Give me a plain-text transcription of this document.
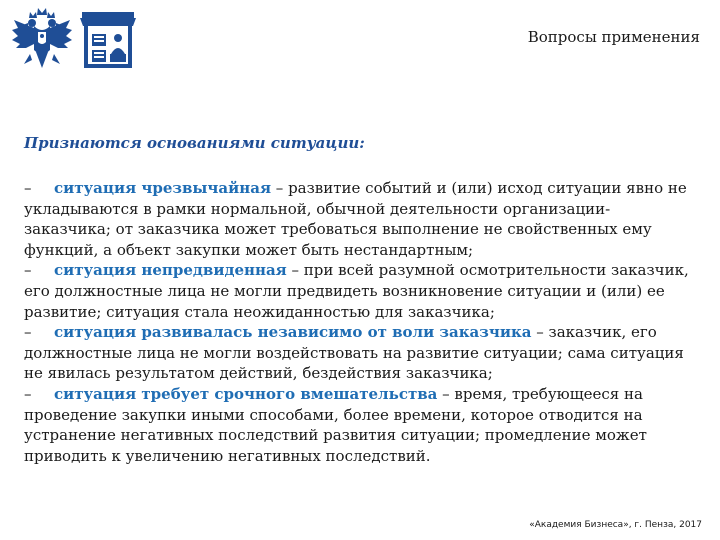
Вопросы применения
Признаются основаниями ситуации:

– ситуация чрезвычайная – развитие событий и (или) исход ситуации явно не укладываются в рамки нормальной, обычной деятельности организации-заказчика; от заказчика может требоваться выполнение не свойственных ему функций, а объект закупки может быть нестандартным;

– ситуация непредвиденная – при всей разумной осмотрительности заказчик, его должностные лица не могли предвидеть возникновение ситуации и (или) ее развитие; ситуация стала неожиданностью для заказчика;

– ситуация развивалась независимо от воли заказчика – заказчик, его должностные лица не могли воздействовать на развитие ситуации; сама ситуация не явилась результатом действий, бездействия заказчика;

– ситуация требует срочного вмешательства – время, требующееся на проведение закупки иными способами, более времени, которое отводится на устранение негативных последствий развития ситуации; промедление может приводить к увеличению негативных последствий.

«Академия Бизнеса», г. Пенза, 2017
